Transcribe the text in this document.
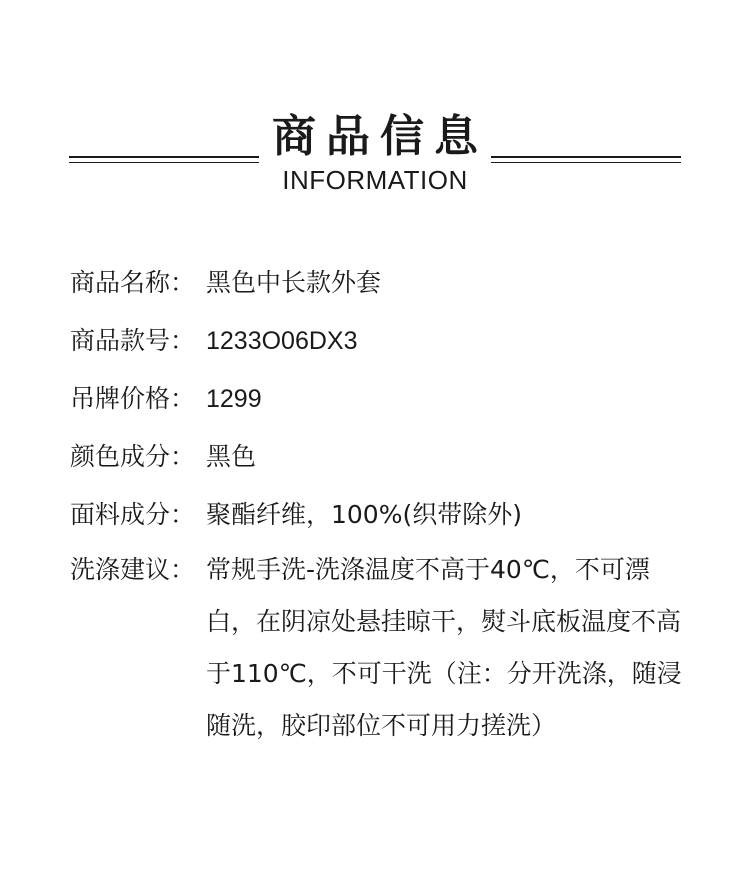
商品信息
INFORMATION
商品名称： 黑色中长款外套
商品款号： 1233O06DX3
吊牌价格： 1299
颜色成分： 黑色
面料成分： 聚酯纤维，100%(织带除外)
洗涤建议： 常规手洗-洗涤温度不高于40℃，不可漂白，在阴凉处悬挂晾干，熨斗底板温度不高于110℃，不可干洗（注：分开洗涤，随浸随洗，胶印部位不可用力搓洗）
